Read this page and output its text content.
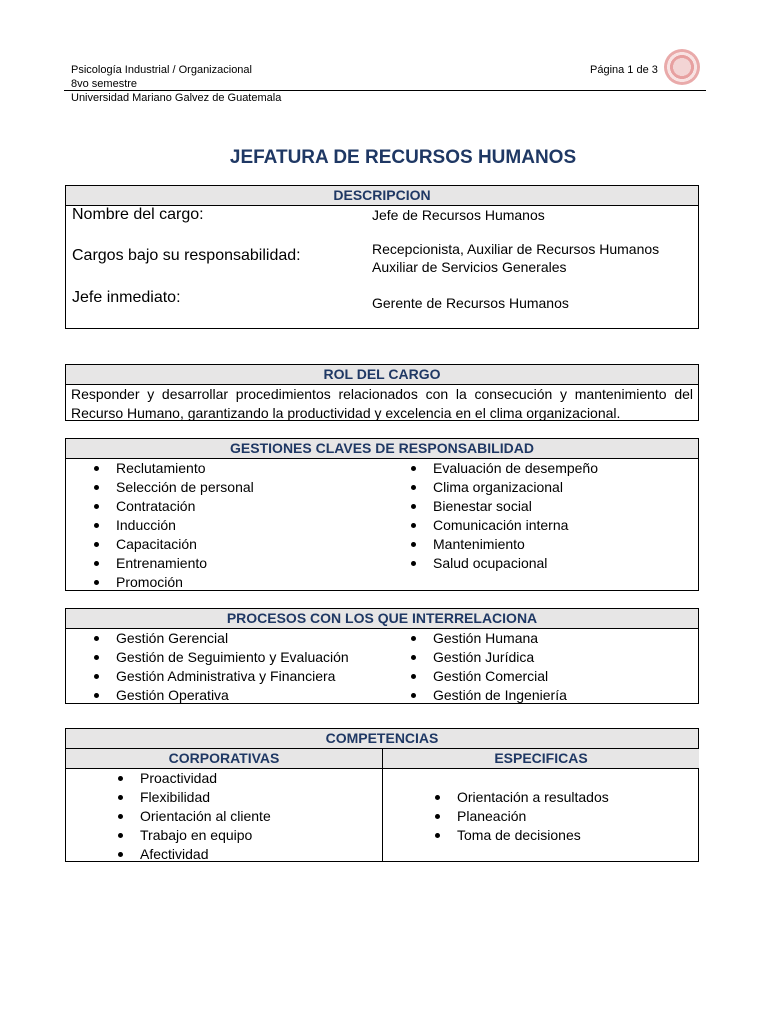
Psicología Industrial / Organizacional
8vo semestre
Universidad Mariano Galvez de Guatemala
Página 1 de 3
JEFATURA DE RECURSOS HUMANOS
DESCRIPCION
Nombre del cargo:	Jefe de Recursos Humanos
Cargos bajo su responsabilidad:	Recepcionista, Auxiliar de Recursos Humanos
Auxiliar de Servicios Generales
Jefe inmediato:	Gerente de Recursos Humanos
ROL DEL CARGO
Responder y desarrollar procedimientos relacionados con la consecución y mantenimiento del Recurso Humano, garantizando la productividad y excelencia en el clima organizacional.
GESTIONES CLAVES DE RESPONSABILIDAD
Reclutamiento
Selección de personal
Contratación
Inducción
Capacitación
Entrenamiento
Promoción
Evaluación de desempeño
Clima organizacional
Bienestar social
Comunicación interna
Mantenimiento
Salud ocupacional
PROCESOS CON LOS QUE INTERRELACIONA
Gestión Gerencial
Gestión de Seguimiento y Evaluación
Gestión Administrativa y Financiera
Gestión Operativa
Gestión Humana
Gestión Jurídica
Gestión Comercial
Gestión de Ingeniería
COMPETENCIAS
CORPORATIVAS	ESPECIFICAS
Proactividad
Flexibilidad
Orientación al cliente
Trabajo en equipo
Afectividad
Orientación a resultados
Planeación
Toma de decisiones
